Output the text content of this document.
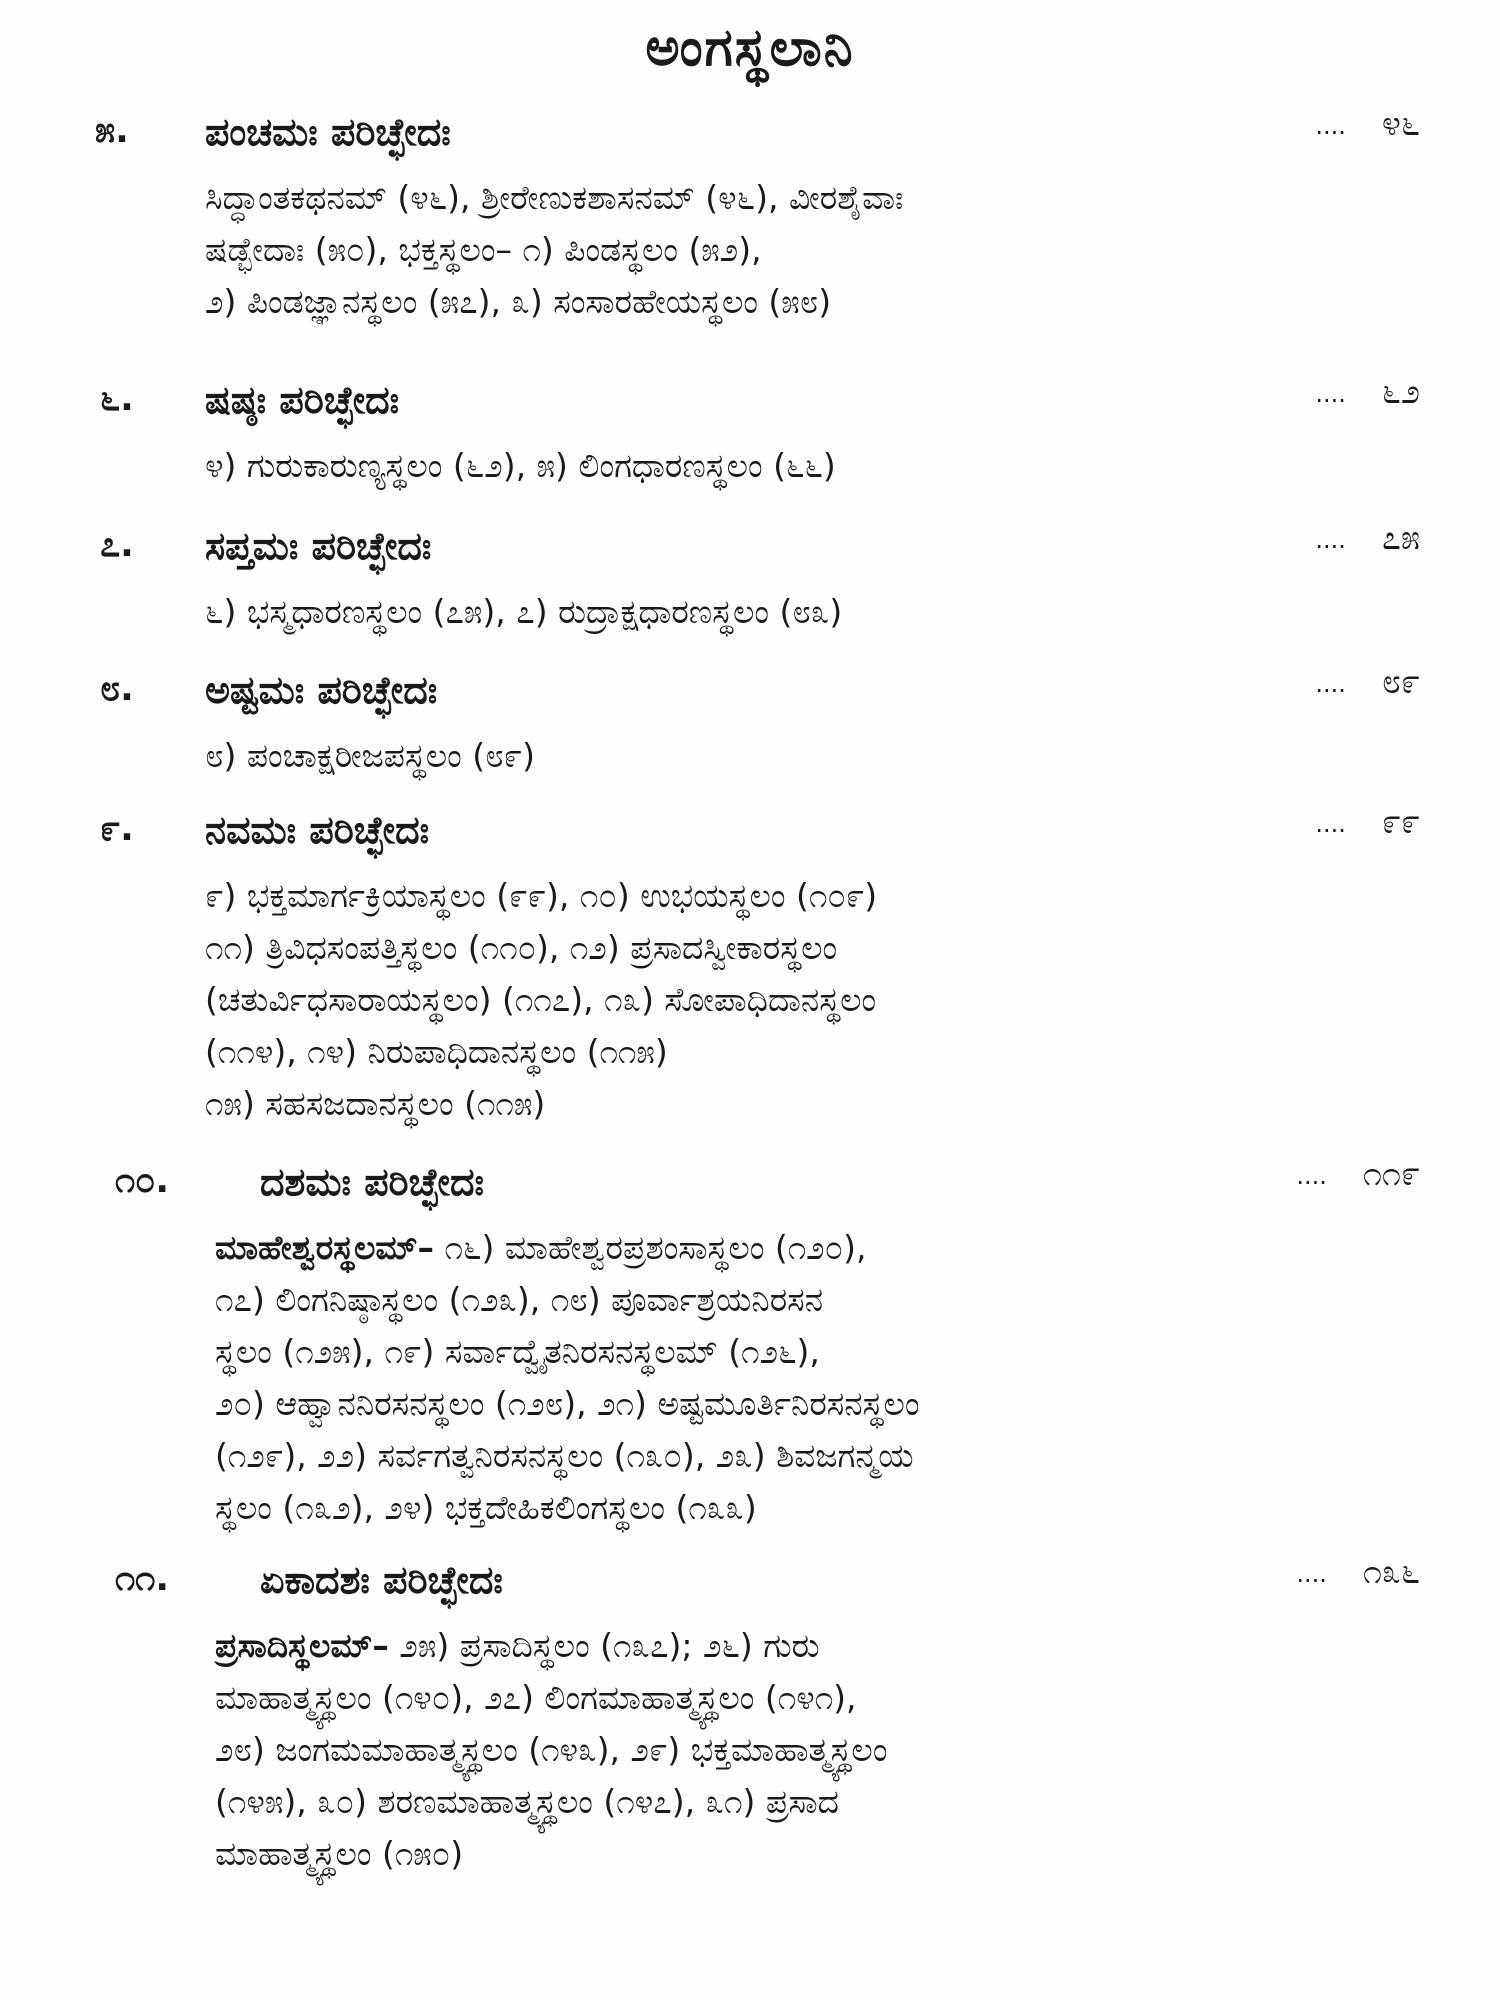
ಅಂಗಸ್ಥಲಾನಿ
೫. ಪಂಚಮಃ ಪರಿಚ್ಛೇದಃ	.... ೪೬

ಸಿದ್ಧಾಂತಕಥನಮ್ (೪೬), ಶ್ರೀರೇಣುಕಶಾಸನಮ್ (೪೬), ವೀರಶೈವಾಃ

ಷಡ್ಭೇದಾಃ (೫೦), ಭಕ್ತಸ್ಥಲಂ– ೧) ಪಿಂಡಸ್ಥಲಂ (೫೨),

೨) ಪಿಂಡಜ್ಞಾನಸ್ಥಲಂ (೫೭), ೩) ಸಂಸಾರಹೇಯಸ್ಥಲಂ (೫೮)

೬. ಷಷ್ಠಃ ಪರಿಚ್ಛೇದಃ	.... ೬೨

೪) ಗುರುಕಾರುಣ್ಯಸ್ಥಲಂ (೬೨), ೫) ಲಿಂಗಧಾರಣಸ್ಥಲಂ (೬೬)

೭. ಸಪ್ತಮಃ ಪರಿಚ್ಛೇದಃ	.... ೭೫

೬) ಭಸ್ಮಧಾರಣಸ್ಥಲಂ (೭೫), ೭) ರುದ್ರಾಕ್ಷಧಾರಣಸ್ಥಲಂ (೮೩)

೮. ಅಷ್ಟಮಃ ಪರಿಚ್ಛೇದಃ	.... ೮೯

೮) ಪಂಚಾಕ್ಷರೀಜಪಸ್ಥಲಂ (೮೯)

೯. ನವಮಃ ಪರಿಚ್ಛೇದಃ	.... ೯೯

೯) ಭಕ್ತಮಾರ್ಗಕ್ರಿಯಾಸ್ಥಲಂ (೯೯), ೧೦) ಉಭಯಸ್ಥಲಂ (೧೦೯)

೧೧) ತ್ರಿವಿಧಸಂಪತ್ತಿಸ್ಥಲಂ (೧೧೦), ೧೨) ಪ್ರಸಾದಸ್ವೀಕಾರಸ್ಥಲಂ

(ಚತುರ್ವಿಧಸಾರಾಯಸ್ಥಲಂ) (೧೧೭), ೧೩) ಸೋಪಾಧಿದಾನಸ್ಥಲಂ

(೧೧೪), ೧೪) ನಿರುಪಾಧಿದಾನಸ್ಥಲಂ (೧೧೫)

೧೫) ಸಹಸಜದಾನಸ್ಥಲಂ (೧೧೫)

೧೦. ದಶಮಃ ಪರಿಚ್ಛೇದಃ	.... ೧೧೯

ಮಾಹೇಶ್ವರಸ್ಥಲಮ್– ೧೬) ಮಾಹೇಶ್ವರಪ್ರಶಂಸಾಸ್ಥಲಂ (೧೨೦),

೧೭) ಲಿಂಗನಿಷ್ಠಾಸ್ಥಲಂ (೧೨೩), ೧೮) ಪೂರ್ವಾಶ್ರಯನಿರಸನ

ಸ್ಥಲಂ (೧೨೫), ೧೯) ಸರ್ವಾದ್ವೈತನಿರಸನಸ್ಥಲಮ್ (೧೨೬),

೨೦) ಆಹ್ವಾನನಿರಸನಸ್ಥಲಂ (೧೨೮), ೨೧) ಅಷ್ಟಮೂರ್ತಿನಿರಸನಸ್ಥಲಂ

(೧೨೯), ೨೨) ಸರ್ವಗತ್ವನಿರಸನಸ್ಥಲಂ (೧೩೦), ೨೩) ಶಿವಜಗನ್ಮಯ

ಸ್ಥಲಂ (೧೩೨), ೨೪) ಭಕ್ತದೇಹಿಕಲಿಂಗಸ್ಥಲಂ (೧೩೩)

೧೧. ಏಕಾದಶಃ ಪರಿಚ್ಛೇದಃ	.... ೧೩೬

ಪ್ರಸಾದಿಸ್ಥಲಮ್– ೨೫) ಪ್ರಸಾದಿಸ್ಥಲಂ (೧೩೭); ೨೬) ಗುರು

ಮಾಹಾತ್ಮ್ಯಸ್ಥಲಂ (೧೪೦), ೨೭) ಲಿಂಗಮಾಹಾತ್ಮ್ಯಸ್ಥಲಂ (೧೪೧),

೨೮) ಜಂಗಮಮಾಹಾತ್ಮ್ಯಸ್ಥಲಂ (೧೪೩), ೨೯) ಭಕ್ತಮಾಹಾತ್ಮ್ಯಸ್ಥಲಂ

(೧೪೫), ೩೦) ಶರಣಮಾಹಾತ್ಮ್ಯಸ್ಥಲಂ (೧೪೭), ೩೧) ಪ್ರಸಾದ

ಮಾಹಾತ್ಮ್ಯಸ್ಥಲಂ (೧೫೦)
